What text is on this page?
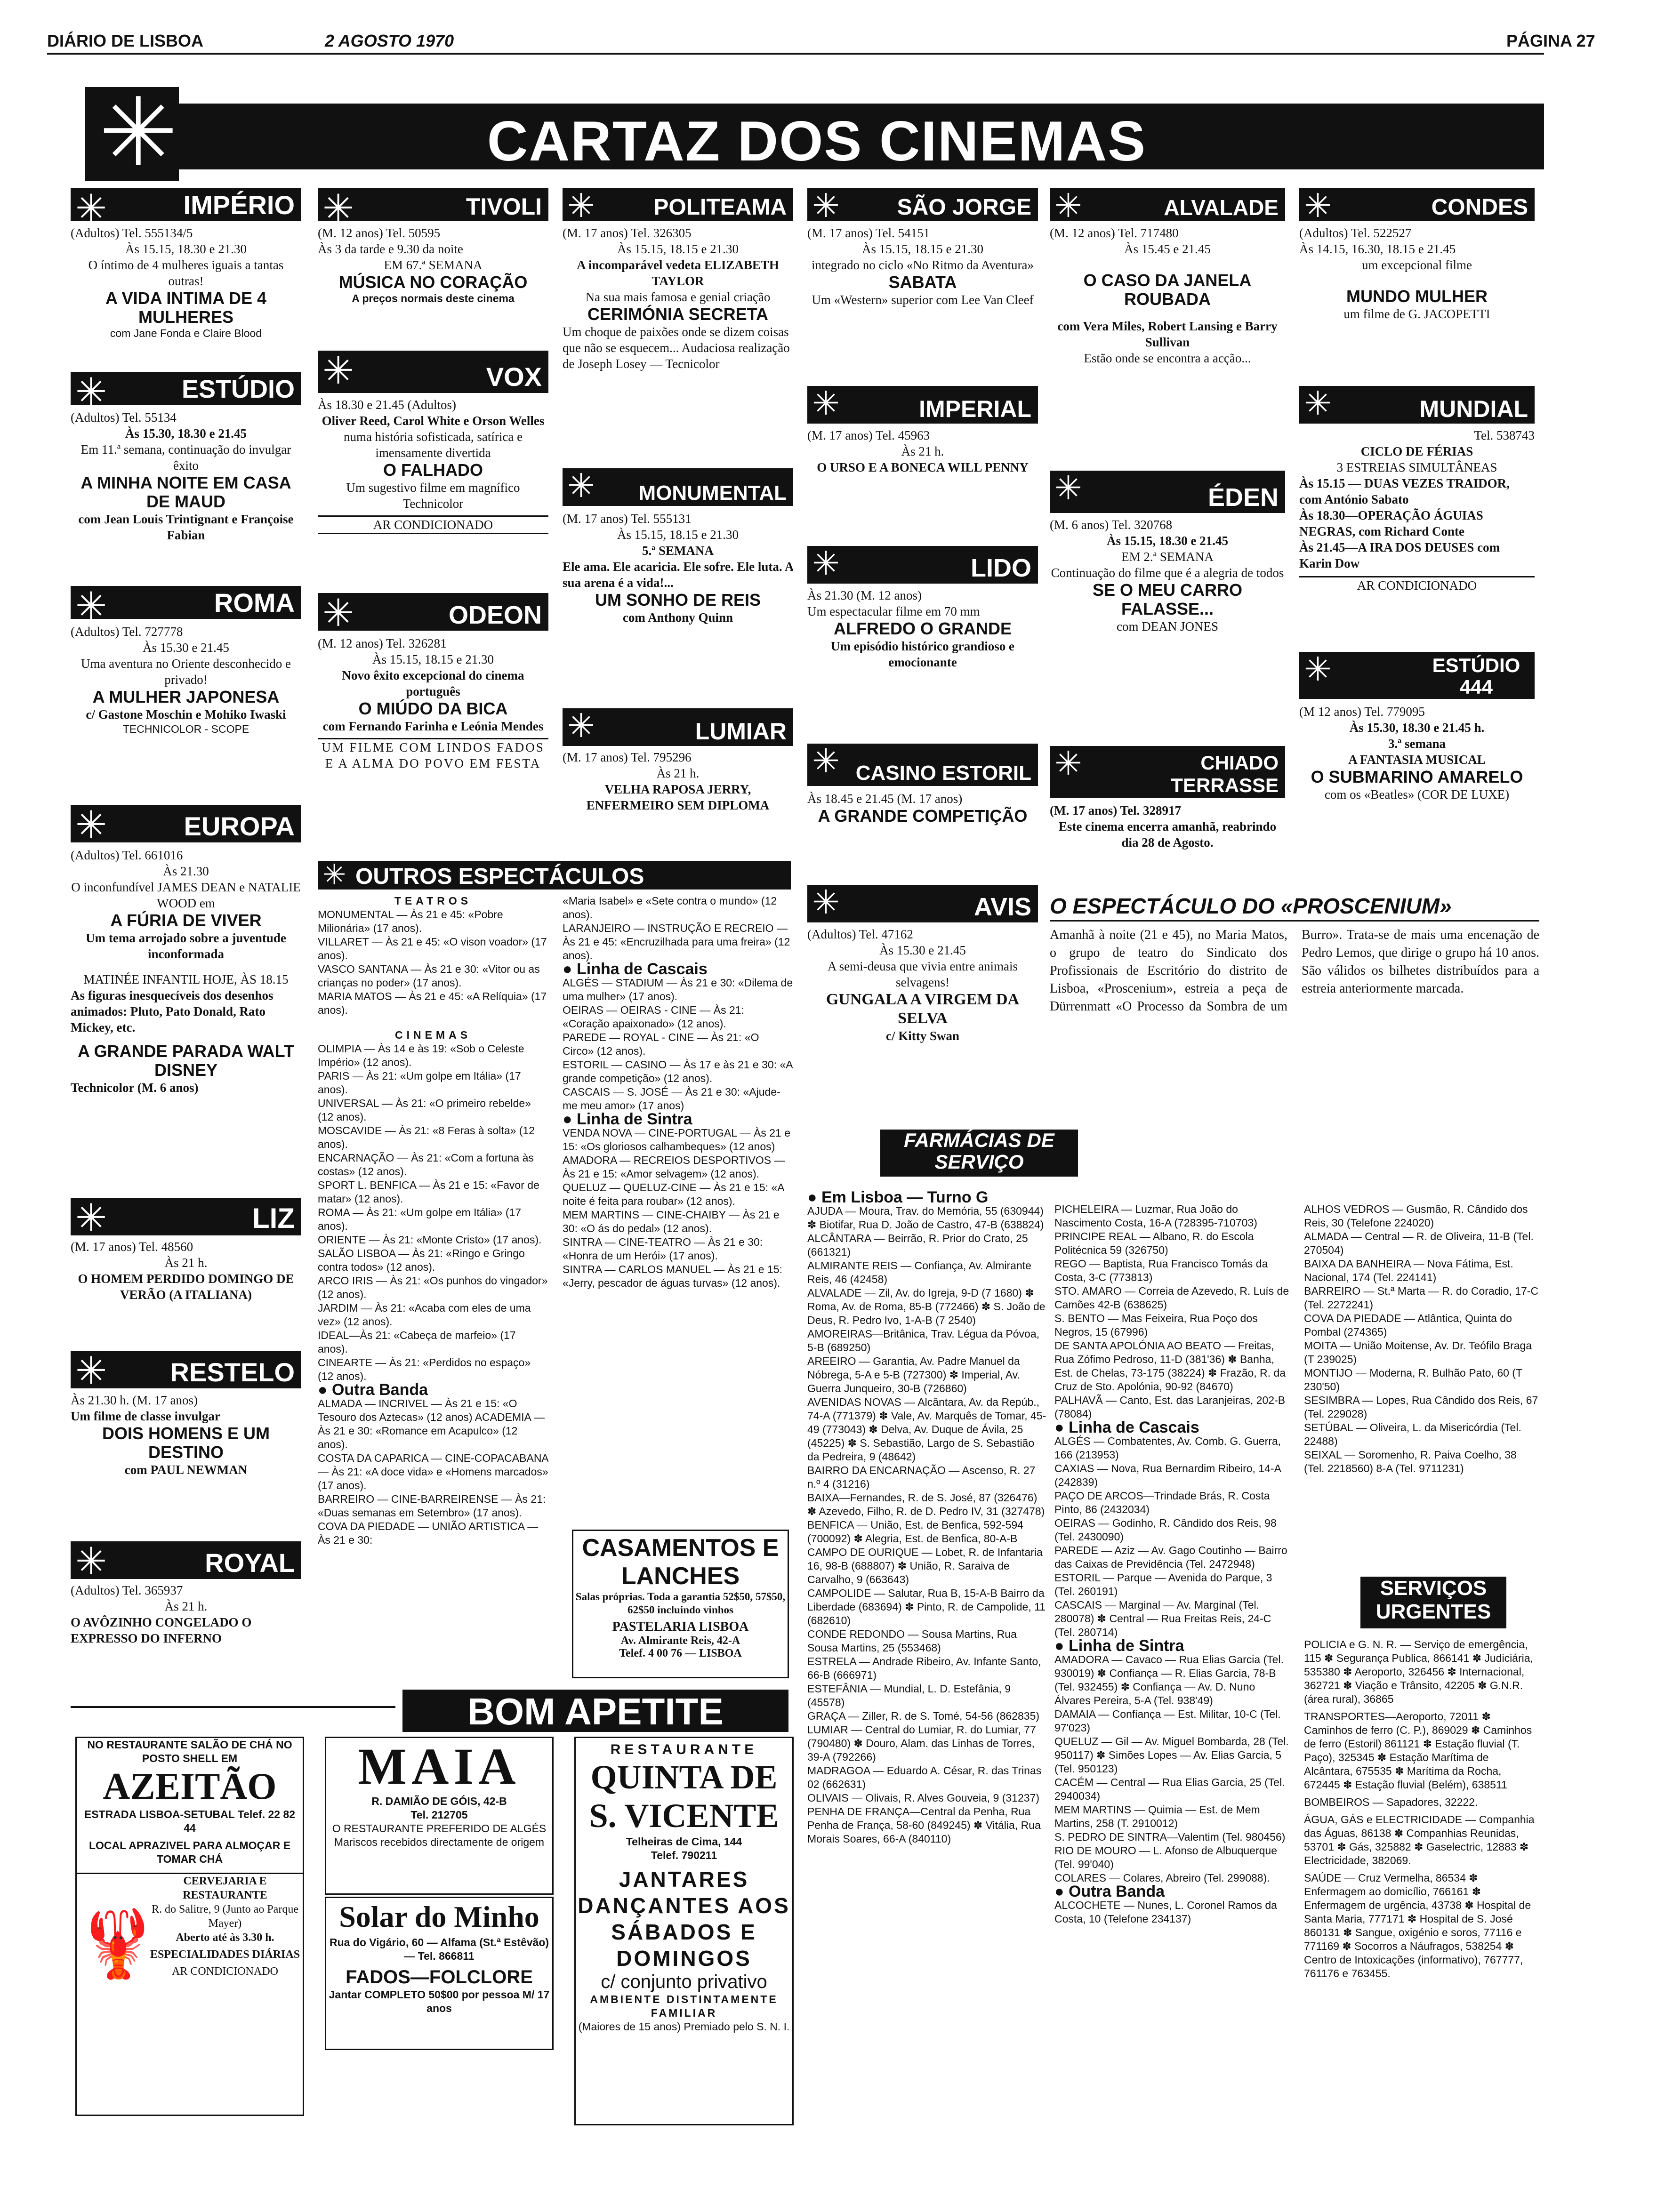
DIÁRIO DE LISBOA	2 AGOSTO 1970	PÁGINA 27
CARTAZ DOS CINEMAS
✳
✳	IMPÉRIO

(Adultos) Tel. 555134/5

Às 15.15, 18.30 e 21.30

O íntimo de 4 mulheres iguais a tantas outras!

A VIDA INTIMA DE 4 MULHERES

com Jane Fonda e Claire Blood

✳	ESTÚDIO

(Adultos) Tel. 55134

Às 15.30, 18.30 e 21.45

Em 11.ª semana, continuação do invulgar êxito

A MINHA NOITE EM CASA DE MAUD

com Jean Louis Trintignant e Françoise Fabian

✳	ROMA

(Adultos) Tel. 727778

Às 15.30 e 21.45

Uma aventura no Oriente desconhecido e privado!

A MULHER JAPONESA

c/ Gastone Moschin e Mohiko Iwaski

TECHNICOLOR - SCOPE

✳	EUROPA

(Adultos) Tel. 661016

Às 21.30

O inconfundível JAMES DEAN e NATALIE WOOD em

A FÚRIA DE VIVER

Um tema arrojado sobre a juventude inconformada

MATINÉE INFANTIL HOJE, ÀS 18.15

As figuras inesquecíveis dos desenhos animados: Pluto, Pato Donald, Rato Mickey, etc.

A GRANDE PARADA WALT DISNEY

Technicolor (M. 6 anos)

✳	LIZ

(M. 17 anos) Tel. 48560

Às 21 h.

O HOMEM PERDIDO DOMINGO DE VERÃO (A ITALIANA)

✳ RESTELO

Às 21.30 h. (M. 17 anos)

Um filme de classe invulgar

DOIS HOMENS E UM DESTINO

com PAUL NEWMAN

✳	ROYAL

(Adultos) Tel. 365937

Às 21 h.

O AVÔZINHO CONGELADO O EXPRESSO DO INFERNO

✳	TIVOLI

(M. 12 anos) Tel. 50595

Às 3 da tarde e 9.30 da noite

EM 67.ª SEMANA

MÚSICA NO CORAÇÃO

A preços normais deste cinema

✳	VOX

Às 18.30 e 21.45 (Adultos)

Oliver Reed, Carol White e Orson Welles

numa história sofisticada, satírica e imensamente divertida

O FALHADO

Um sugestivo filme em magnífico Technicolor

AR CONDICIONADO

✳	ODEON

(M. 12 anos) Tel. 326281

Às 15.15, 18.15 e 21.30

Novo êxito excepcional do cinema português

O MIÚDO DA BICA

com Fernando Farinha e Leónia Mendes

UM FILME COM LINDOS FADOS E A ALMA DO POVO EM FESTA

✳	POLITEAMA

(M. 17 anos) Tel. 326305

Às 15.15, 18.15 e 21.30

A incomparável vedeta ELIZABETH TAYLOR

Na sua mais famosa e genial criação

CERIMÓNIA SECRETA

Um choque de paixões onde se dizem coisas que não se esquecem... Audaciosa realização de Joseph Losey — Tecnicolor

✳ MONUMENTAL

(M. 17 anos) Tel. 555131

Às 15.15, 18.15 e 21.30

5.ª SEMANA

Ele ama. Ele acaricia. Ele sofre. Ele luta. A sua arena é a vida!...

UM SONHO DE REIS

com Anthony Quinn

✳	LUMIAR

(M. 17 anos) Tel. 795296

Às 21 h.

VELHA RAPOSA JERRY, ENFERMEIRO SEM DIPLOMA

✳	SÃO JORGE

(M. 17 anos) Tel. 54151

Às 15.15, 18.15 e 21.30

integrado no ciclo «No Ritmo da Aventura»

SABATA

Um «Western» superior com Lee Van Cleef

✳	IMPERIAL

(M. 17 anos) Tel. 45963

Às 21 h.

O URSO E A BONECA WILL PENNY

✳	LIDO

Às 21.30 (M. 12 anos)

Um espectacular filme em 70 mm

ALFREDO O GRANDE

Um episódio histórico grandioso e emocionante

✳ CASINO ESTORIL

Às 18.45 e 21.45 (M. 17 anos)

A GRANDE COMPETIÇÃO

✳	ALVALADE

(M. 12 anos) Tel. 717480

Às 15.45 e 21.45

O CASO DA JANELA ROUBADA

com Vera Miles, Robert Lansing e Barry Sullivan

Estão onde se encontra a acção...

✳	ÉDEN

(M. 6 anos) Tel. 320768

Às 15.15, 18.30 e 21.45

EM 2.ª SEMANA

Continuação do filme que é a alegria de todos

SE O MEU CARRO FALASSE...

com DEAN JONES

✳	CHIADO TERRASSE

(M. 17 anos) Tel. 328917

Este cinema encerra amanhã, reabrindo dia 28 de Agosto.

✳	CONDES

(Adultos) Tel. 522527

Às 14.15, 16.30, 18.15 e 21.45

um excepcional filme

MUNDO MULHER

um filme de G. JACOPETTI

✳	MUNDIAL

Tel. 538743

CICLO DE FÉRIAS

3 ESTREIAS SIMULTÂNEAS

Às 15.15 — DUAS VEZES TRAIDOR, com António Sabato

Às 18.30—OPERAÇÃO ÁGUIAS NEGRAS, com Richard Conte

Às 21.45—A IRA DOS DEUSES com Karin Dow

AR CONDICIONADO

✳	ESTÚDIO 444

(M 12 anos) Tel. 779095

Às 15.30, 18.30 e 21.45 h.

3.ª semana

A FANTASIA MUSICAL

O SUBMARINO AMARELO

com os «Beatles» (COR DE LUXE)

✳ OUTROS ESPECTÁCULOS

TEATROS

MONUMENTAL — Às 21 e 45: «Pobre Milionária» (17 anos).

VILLARET — Às 21 e 45: «O vison voador» (17 anos).

VASCO SANTANA — Às 21 e 30: «Vitor ou as crianças no poder» (17 anos).

MARIA MATOS — Às 21 e 45: «A Relíquia» (17 anos).

CINEMAS

OLIMPIA — Às 14 e às 19: «Sob o Celeste Império» (12 anos).

PARIS — Às 21: «Um golpe em Itália» (17 anos).

UNIVERSAL — Às 21: «O primeiro rebelde» (12 anos).

MOSCAVIDE — Às 21: «8 Feras à solta» (12 anos).

ENCARNAÇÃO — Às 21: «Com a fortuna às costas» (12 anos).

SPORT L. BENFICA — Às 21 e 15: «Favor de matar» (12 anos).

ROMA — Às 21: «Um golpe em Itália» (17 anos).

ORIENTE — Às 21: «Monte Cristo» (17 anos).

SALÃO LISBOA — Às 21: «Ringo e Gringo contra todos» (12 anos).

ARCO IRIS — Às 21: «Os punhos do vingador» (12 anos).

JARDIM — Às 21: «Acaba com eles de uma vez» (12 anos).

IDEAL—Às 21: «Cabeça de marfeio» (17 anos).

CINEARTE — Às 21: «Perdidos no espaço» (12 anos).

● Outra Banda

ALMADA — INCRIVEL — Às 21 e 15: «O Tesouro dos Aztecas» (12 anos) ACADEMIA — Às 21 e 30: «Romance em Acapulco» (12 anos).

COSTA DA CAPARICA — CINE-COPACABANA — Às 21: «A doce vida» e «Homens marcados» (17 anos).

BARREIRO — CINE-BARREIRENSE — Às 21: «Duas semanas em Setembro» (17 anos).

COVA DA PIEDADE — UNIÃO ARTISTICA — Às 21 e 30:

«Maria Isabel» e «Sete contra o mundo» (12 anos).

LARANJEIRO — INSTRUÇÃO E RECREIO — Às 21 e 45: «Encruzilhada para uma freira» (12 anos).

● Linha de Cascais

ALGÉS — STADIUM — Às 21 e 30: «Dilema de uma mulher» (17 anos).

OEIRAS — OEIRAS - CINE — Às 21: «Coração apaixonado» (12 anos).

PAREDE — ROYAL - CINE — Às 21: «O Circo» (12 anos).

ESTORIL — CASINO — Às 17 e às 21 e 30: «A grande competição» (12 anos).

CASCAIS — S. JOSÉ — Às 21 e 30: «Ajude-me meu amor» (17 anos)

● Linha de Sintra

VENDA NOVA — CINE-PORTUGAL — Às 21 e 15: «Os gloriosos calhambeques» (12 anos)

AMADORA — RECREIOS DESPORTIVOS — Às 21 e 15: «Amor selvagem» (12 anos).

QUELUZ — QUELUZ-CINE — Às 21 e 15: «A noite é feita para roubar» (12 anos).

MEM MARTINS — CINE-CHAIBY — Às 21 e 30: «O ás do pedal» (12 anos).

SINTRA — CINE-TEATRO — Às 21 e 30: «Honra de um Herói» (17 anos).

SINTRA — CARLOS MANUEL — Às 21 e 15: «Jerry, pescador de águas turvas» (12 anos).

CASAMENTOS E LANCHES
Salas próprias. Toda a garantia 52$50, 57$50, 62$50 incluindo vinhos
PASTELARIA LISBOA
Av. Almirante Reis, 42-A
Telef. 4 00 76 — LISBOA
✳	AVIS

(Adultos) Tel. 47162

Às 15.30 e 21.45

A semi-deusa que vivia entre animais selvagens!

GUNGALA A VIRGEM DA SELVA

c/ Kitty Swan

O ESPECTÁCULO DO «PROSCENIUM»
Amanhã à noite (21 e 45), no Maria Matos, o grupo de teatro do Sindicato dos Profissionais de Escritório do distrito de Lisboa, «Proscenium», estreia a peça de Dürrenmatt «O Processo da Sombra de um Burro». Trata-se de mais uma encenação de Pedro Lemos, que dirige o grupo há 10 anos. São válidos os bilhetes distribuídos para a estreia anteriormente marcada.
FARMÁCIAS DE SERVIÇO

● Em Lisboa — Turno G

AJUDA — Moura, Trav. do Memória, 55 (630944) ✽ Biotifar, Rua D. João de Castro, 47-B (638824)

ALCÂNTARA — Beirrão, R. Prior do Crato, 25 (661321)

ALMIRANTE REIS — Confiança, Av. Almirante Reis, 46 (42458)

ALVALADE — Zil, Av. do Igreja, 9-D (7 1680) ✽ Roma, Av. de Roma, 85-B (772466) ✽ S. João de Deus, R. Pedro Ivo, 1-A-B (7 2540)

AMOREIRAS—Britânica, Trav. Légua da Póvoa, 5-B (689250)

AREEIRO — Garantia, Av. Padre Manuel da Nóbrega, 5-A e 5-B (727300) ✽ Imperial, Av. Guerra Junqueiro, 30-B (726860)

AVENIDAS NOVAS — Alcântara, Av. da Repúb., 74-A (771379) ✽ Vale, Av. Marquês de Tomar, 45-49 (773043) ✽ Delva, Av. Duque de Ávila, 25 (45225) ✽ S. Sebastião, Largo de S. Sebastião da Pedreira, 9 (48642)

BAIRRO DA ENCARNAÇÃO — Ascenso, R. 27 n.º 4 (31216)

BAIXA—Fernandes, R. de S. José, 87 (326476) ✽ Azevedo, Filho, R. de D. Pedro IV, 31 (327478)

BENFICA — União, Est. de Benfica, 592-594 (700092) ✽ Alegria, Est. de Benfica, 80-A-B

CAMPO DE OURIQUE — Lobet, R. de Infantaria 16, 98-B (688807) ✽ União, R. Saraiva de Carvalho, 9 (663643)

CAMPOLIDE — Salutar, Rua B, 15-A-B Bairro da Liberdade (683694) ✽ Pinto, R. de Campolide, 11 (682610)

CONDE REDONDO — Sousa Martins, Rua Sousa Martins, 25 (553468)

ESTRELA — Andrade Ribeiro, Av. Infante Santo, 66-B (666971)

ESTEFÂNIA — Mundial, L. D. Estefânia, 9 (45578)

GRAÇA — Ziller, R. de S. Tomé, 54-56 (862835)

LUMIAR — Central do Lumiar, R. do Lumiar, 77 (790480) ✽ Douro, Alam. das Linhas de Torres, 39-A (792266)

MADRAGOA — Eduardo A. César, R. das Trinas 02 (662631)

OLIVAIS — Olivais, R. Alves Gouveia, 9 (31237)

PENHA DE FRANÇA—Central da Penha, Rua Penha de França, 58-60 (849245) ✽ Vitália, Rua Morais Soares, 66-A (840110)

PICHELEIRA — Luzmar, Rua João do Nascimento Costa, 16-A (728395-710703)

PRINCIPE REAL — Albano, R. do Escola Politécnica 59 (326750)

REGO — Baptista, Rua Francisco Tomás da Costa, 3-C (773813)

STO. AMARO — Correia de Azevedo, R. Luís de Camões 42-B (638625)

S. BENTO — Mas Feixeira, Rua Poço dos Negros, 15 (67996)

DE SANTA APOLÓNIA AO BEATO — Freitas, Rua Zófimo Pedroso, 11-D (381'36) ✽ Banha, Est. de Chelas, 73-175 (38224) ✽ Frazão, R. da Cruz de Sto. Apolónia, 90-92 (84670)

PALHAVÃ — Canto, Est. das Laranjeiras, 202-B (78084)

● Linha de Cascais

ALGÉS — Combatentes, Av. Comb. G. Guerra, 166 (213953)

CAXIAS — Nova, Rua Bernardim Ribeiro, 14-A (242839)

PAÇO DE ARCOS—Trindade Brás, R. Costa Pinto, 86 (2432034)

OEIRAS — Godinho, R. Cândido dos Reis, 98 (Tel. 2430090)

PAREDE — Aziz — Av. Gago Coutinho — Bairro das Caixas de Previdência (Tel. 2472948)

ESTORIL — Parque — Avenida do Parque, 3 (Tel. 260191)

CASCAIS — Marginal — Av. Marginal (Tel. 280078) ✽ Central — Rua Freitas Reis, 24-C (Tel. 280714)

● Linha de Sintra

AMADORA — Cavaco — Rua Elias Garcia (Tel. 930019) ✽ Confiança — R. Elias Garcia, 78-B (Tel. 932455) ✽ Confiança — Av. D. Nuno Álvares Pereira, 5-A (Tel. 938'49)

DAMAIA — Confiança — Est. Militar, 10-C (Tel. 97'023)

QUELUZ — Gil — Av. Miguel Bombarda, 28 (Tel. 950117) ✽ Simões Lopes — Av. Elias Garcia, 5 (Tel. 950123)

CACÉM — Central — Rua Elias Garcia, 25 (Tel. 2940034)

MEM MARTINS — Quimia — Est. de Mem Martins, 258 (T. 2910012)

S. PEDRO DE SINTRA—Valentim (Tel. 980456)

RIO DE MOURO — L. Afonso de Albuquerque (Tel. 99'040)

COLARES — Colares, Abreiro (Tel. 299088).

● Outra Banda

ALCOCHETE — Nunes, L. Coronel Ramos da Costa, 10 (Telefone 234137)

ALHOS VEDROS — Gusmão, R. Cândido dos Reis, 30 (Telefone 224020)

ALMADA — Central — R. de Oliveira, 11-B (Tel. 270504)

BAIXA DA BANHEIRA — Nova Fátima, Est. Nacional, 174 (Tel. 224141)

BARREIRO — St.ª Marta — R. do Coradio, 17-C (Tel. 2272241)

COVA DA PIEDADE — Atlântica, Quinta do Pombal (274365)

MOITA — União Moitense, Av. Dr. Teófilo Braga (T 239025)

MONTIJO — Moderna, R. Bulhão Pato, 60 (T 230'50)

SESIMBRA — Lopes, Rua Cândido dos Reis, 67 (Tel. 229028)

SETÚBAL — Oliveira, L. da Misericórdia (Tel. 22488)

SEIXAL — Soromenho, R. Paiva Coelho, 38 (Tel. 2218560) 8-A (Tel. 9711231)

SERVIÇOS URGENTES

POLICIA e G. N. R. — Serviço de emergência, 115 ✽ Segurança Publica, 866141 ✽ Judiciária, 535380 ✽ Aeroporto, 326456 ✽ Internacional, 362721 ✽ Viação e Trânsito, 42205 ✽ G.N.R. (área rural), 36865

TRANSPORTES—Aeroporto, 72011 ✽ Caminhos de ferro (C. P.), 869029 ✽ Caminhos de ferro (Estoril) 861121 ✽ Estação fluvial (T. Paço), 325345 ✽ Estação Marítima de Alcântara, 675535 ✽ Marítima da Rocha, 672445 ✽ Estação fluvial (Belém), 638511

BOMBEIROS — Sapadores, 32222.

ÁGUA, GÁS e ELECTRICIDADE — Companhia das Águas, 86138 ✽ Companhias Reunidas, 53701 ✽ Gás, 325882 ✽ Gaselectric, 12883 ✽ Electricidade, 382069.

SAÚDE — Cruz Vermelha, 86534 ✽ Enfermagem ao domicílio, 766161 ✽ Enfermagem de urgência, 43738 ✽ Hospital de Santa Maria, 777171 ✽ Hospital de S. José 860131 ✽ Sangue, oxigénio e soros, 77116 e 771169 ✽ Socorros a Náufragos, 538254 ✽ Centro de Intoxicações (informativo), 767777, 761176 e 763455.

BOM APETITE
NO RESTAURANTE SALÃO DE CHÁ NO POSTO SHELL EM
AZEITÃO
ESTRADA LISBOA-SETUBAL Telef. 22 82 44
LOCAL APRAZIVEL PARA ALMOÇAR E TOMAR CHÁ
🦞
CERVEJARIA E RESTAURANTE
R. do Salitre, 9 (Junto ao Parque Mayer)
Aberto até às 3.30 h.
ESPECIALIDADES DIÁRIAS
AR CONDICIONADO
MAIA
R. DAMIÃO DE GÓIS, 42-B
Tel. 212705
O RESTAURANTE PREFERIDO DE ALGÉS
Mariscos recebidos directamente de origem
Solar do Minho
Rua do Vigário, 60 — Alfama (St.ª Estêvão) — Tel. 866811
FADOS—FOLCLORE
Jantar COMPLETO 50$00 por pessoa M/ 17 anos
RESTAURANTE
QUINTA DE S. VICENTE
Telheiras de Cima, 144
Telef. 790211
JANTARES DANÇANTES AOS SÁBADOS E DOMINGOS
c/ conjunto privativo
AMBIENTE DISTINTAMENTE FAMILIAR
(Maiores de 15 anos) Premiado pelo S. N. I.
